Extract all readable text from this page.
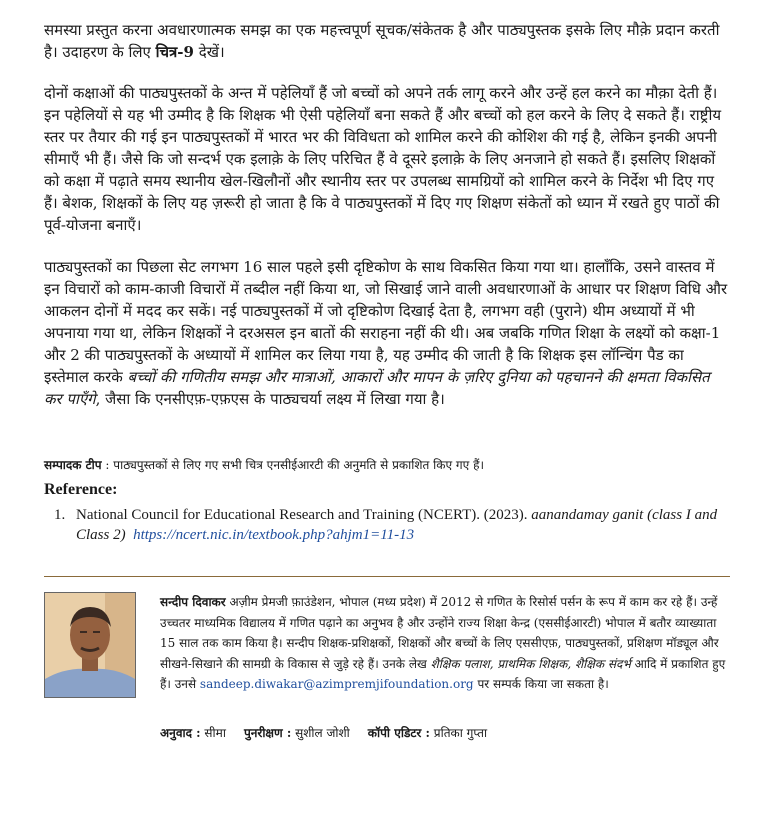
समस्या प्रस्तुत करना अवधारणात्मक समझ का एक महत्त्वपूर्ण सूचक/संकेतक है और पाठ्यपुस्तक इसके लिए मौक़े प्रदान करती है। उदाहरण के लिए चित्र-9 देखें।

दोनों कक्षाओं की पाठ्यपुस्तकों के अन्त में पहेलियाँ हैं जो बच्चों को अपने तर्क लागू करने और उन्हें हल करने का मौक़ा देती हैं। इन पहेलियों से यह भी उम्मीद है कि शिक्षक भी ऐसी पहेलियाँ बना सकते हैं और बच्चों को हल करने के लिए दे सकते हैं। राष्ट्रीय स्तर पर तैयार की गई इन पाठ्यपुस्तकों में भारत भर की विविधता को शामिल करने की कोशिश की गई है, लेकिन इनकी अपनी सीमाएँ भी हैं। जैसे कि जो सन्दर्भ एक इलाक़े के लिए परिचित हैं वे दूसरे इलाक़े के लिए अनजाने हो सकते हैं। इसलिए शिक्षकों को कक्षा में पढ़ाते समय स्थानीय खेल-खिलौनों और स्थानीय स्तर पर उपलब्ध सामग्रियों को शामिल करने के निर्देश भी दिए गए हैं। बेशक, शिक्षकों के लिए यह ज़रूरी हो जाता है कि वे पाठ्यपुस्तकों में दिए गए शिक्षण संकेतों को ध्यान में रखते हुए पाठों की पूर्व-योजना बनाएँ।

पाठ्यपुस्तकों का पिछला सेट लगभग 16 साल पहले इसी दृष्टिकोण के साथ विकसित किया गया था। हालाँकि, उसने वास्तव में इन विचारों को काम-काजी विचारों में तब्दील नहीं किया था, जो सिखाई जाने वाली अवधारणाओं के आधार पर शिक्षण विधि और आकलन दोनों में मदद कर सकें। नई पाठ्यपुस्तकों में जो दृष्टिकोण दिखाई देता है, लगभग वही (पुराने) थीम अध्यायों में भी अपनाया गया था, लेकिन शिक्षकों ने दरअसल इन बातों की सराहना नहीं की थी। अब जबकि गणित शिक्षा के लक्ष्यों को कक्षा-1 और 2 की पाठ्यपुस्तकों के अध्यायों में शामिल कर लिया गया है, यह उम्मीद की जाती है कि शिक्षक इस लॉन्चिंग पैड का इस्तेमाल करके बच्चों की गणितीय समझ और मात्राओं, आकारों और मापन के ज़रिए दुनिया को पहचानने की क्षमता विकसित कर पाएँगे, जैसा कि एनसीएफ़-एफ़एस के पाठ्यचर्या लक्ष्य में लिखा गया है।

सम्पादक टीप : पाठ्यपुस्तकों से लिए गए सभी चित्र एनसीईआरटी की अनुमति से प्रकाशित किए गए हैं।

Reference:

1. National Council for Educational Research and Training (NCERT). (2023). aanandamay ganit (class I and Class 2) https://ncert.nic.in/textbook.php?ahjm1=11-13

सन्दीप दिवाकर अज़ीम प्रेमजी फ़ाउंडेशन, भोपाल (मध्य प्रदेश) में 2012 से गणित के रिसोर्स पर्सन के रूप में काम कर रहे हैं। उन्हें उच्चतर माध्यमिक विद्यालय में गणित पढ़ाने का अनुभव है और उन्होंने राज्य शिक्षा केन्द्र (एससीईआरटी) भोपाल में बतौर व्याख्याता 15 साल तक काम किया है। सन्दीप शिक्षक-प्रशिक्षकों, शिक्षकों और बच्चों के लिए एससीएफ़, पाठ्यपुस्तकों, प्रशिक्षण मॉड्यूल और सीखने-सिखाने की सामग्री के विकास से जुड़े रहे हैं। उनके लेख शैक्षिक पलाश, प्राथमिक शिक्षक, शैक्षिक संदर्भ आदि में प्रकाशित हुए हैं। उनसे sandeep.diwakar@azimpremjifoundation.org पर सम्पर्क किया जा सकता है।

अनुवाद : सीमा पुनरीक्षण : सुशील जोशी कॉपी एडिटर : प्रतिका गुप्ता
